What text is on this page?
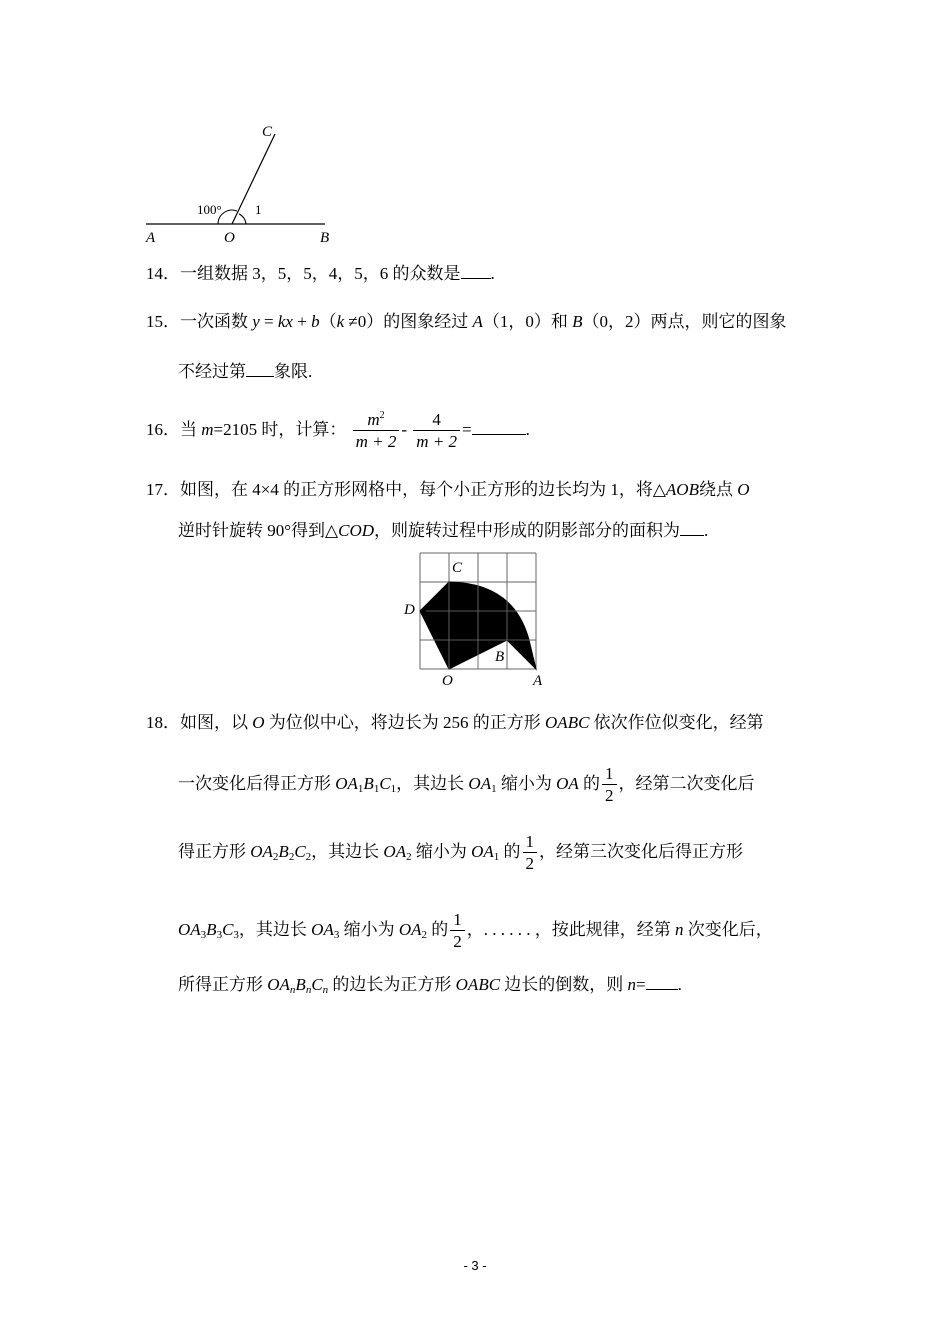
C
A	O	B
100°	1
14．一组数据 3，5，5，4，5，6 的众数是 .
15．一次函数 y = kx + b（k ≠0）的图象经过 A（1，0）和 B（0，2）两点，则它的图象
不经过第 象限.
16．当 m=2105 时，计算： $\frac{m^2}{m + 2} - \frac{4}{m + 2}$ =	.
17．如图，在 4×4 的正方形网格中，每个小正方形的边长均为 1，将△AOB绕点 O
逆时针旋转 90°得到△COD，则旋转过程中形成的阴影部分的面积为 .
C
D
B
O	A
18．如图，以 O 为位似中心，将边长为 256 的正方形 OABC 依次作位似变化，经第
一次变化后得正方形 $OA_1B_1C_1$，其边长 $OA_1$ 缩小为 OA 的 $\frac{1}{2}$ ，经第二次变化后
得正方形 $OA_2B_2C_2$，其边长 $OA_2$ 缩小为 $OA_1$ 的 $\frac{1}{2}$ ，经第三次变化后得正方形
$OA_3B_3C_3$，其边长 $OA_3$ 缩小为 $OA_2$ 的 $\frac{1}{2}$ ，. . . . . . ，按此规律，经第 n 次变化后，
所得正方形 $OA_nB_nC_n$ 的边长为正方形 OABC 边长的倒数，则 n= .
- 3 -
